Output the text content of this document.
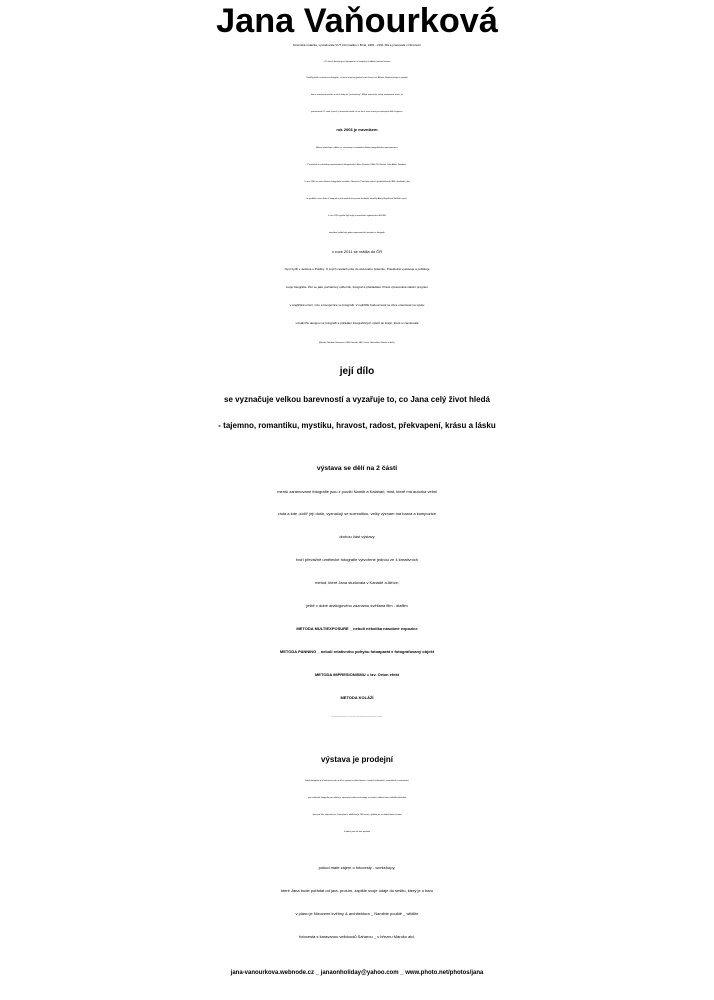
Jana Vaňourková
brněnská rodačka, vystudovala VUT informatiku v Brně, 1981 - 2011 žila a pracovala v Nizozemí
v 15 letech dostala první fotoaparát a z koupelny si udělala temnou komoru
Později přešla na barevnou fotografii, ve které hraje kompozice barev hlavní roli. Během tříletého pobytu v západní
Asii si zamilovala exotiku a od té doby má „toulavé boty“. Miluje autentická, turisty neobjevená místa, již
procestovala 72 zemí a pouší ji učarovala natolik, že se do ní musí vracet pro načerpání další inspirace.
rok 2003 je mezníkem
Během workshopu v Africe se seznamuje s kanadskou školou fotografického impresionismu.
Pravidelně se zúčastňuje mezinárodních fotografických dílen (Kanada, USA, ČR, Mexiko, Jižní Afrika, Namibie).
V roce 2009 se stala vítězkou fotografické soutěže v Nizozemí. Poté byla zvána k přednáškám do IBM a fotoklubů, aby
se podělila o svou lásku k fotografii a ilustrovala knihu poezie brněnské básnířky Aleny Slepičkové “Něžná Lavina”.
V roce 2010 vydala čtyři knihy v americkém vydavatelství BLURB,
námětem každé byla jedna experimentální metoda ve fotografii.
v roce 2011 se vrátila do ČR
Nyní bydlí v Jedlové u Poličky. O svých cestách píše do webového týdeníku. Pravidelně vystavuje a publikuje
svoje fotografie. Živí se jako počítačový odborník, fotograf a překladatel. Právě zpracovává vlastní program
v angličtině učení, vize a kompozice ve fotografii. V nejbližší budoucnosti se chce orientovat na výuku
vizuálního designu ve fotografii a pořádání fotografických výletů do krajin, které si zamilovala
(Mexiko, Namibie, Botswana, USA, Kanada, JAR, Omán, Holandsko, Maroko a další).
její dílo
se vyznačuje velkou barevností a vyzařuje to, co Jana celý život hledá
- tajemno, romantiku, mystiku, hravost, radost, překvapení, krásu a lásku
výstava se dělí na 2 části
menší zarámované fotografie jsou z pouští Namib a Kalahari, míst, které má autorka velmi
ráda a kde „sídlí“ její duše, vyznačují se surrealitou, velký význam má barva a kompozice
druhou část výstavy
tvoří převážně umělecké fotografie vytvořené jednou ze 4 kreativních
metod, které Jana studovala v Kanadě a Africe,
ještě v době analogového záznamu světlana film - diafilm
METODA MULTIEXPOSURE _ neboli několika násobné expozice
METODA PANNING _ neboli relativního pohybu fotoaparát x fotografovaný objekt
METODA IMPRESIONISMU = tzv. Orton efekt
METODA KOLÁŽÍ
Jana o každé metodě publikovala v USA knihu. Kniha se dá objednat přes internet a je během výstavy k nahlédnutí.
výstava je prodejní
každá fotografie je v limitované edici a dá se vyrobit na přání klienta v různých velikostech, materiálech a zarámování
tyto umělecké fotografie jsou tištěny a upraveny kvalitní technologií se zárukou stálosti barev několika desetiletí
Jana pro Vás připravila set 4 foto přání s obálkami (a 100 korun), výtěžek jde na dobročinnou činnost
k vidění jsou též foto portfolia
pokud mate zájem o fotocesty - workshopy,
které Jana bude pořádat od jara, prosím, zapište svoje údaje do sešitu, který je u baru
v plánu je Nizozemí květiny & architektura _ Namibie pouště _ wildlife
fotocesta s karavanou velbloudů Saharou _ v březnu Maroko atd.
jana-vanourkova.webnode.cz _ janaonholiday@yahoo.com _ www.photo.net/photos/jana
